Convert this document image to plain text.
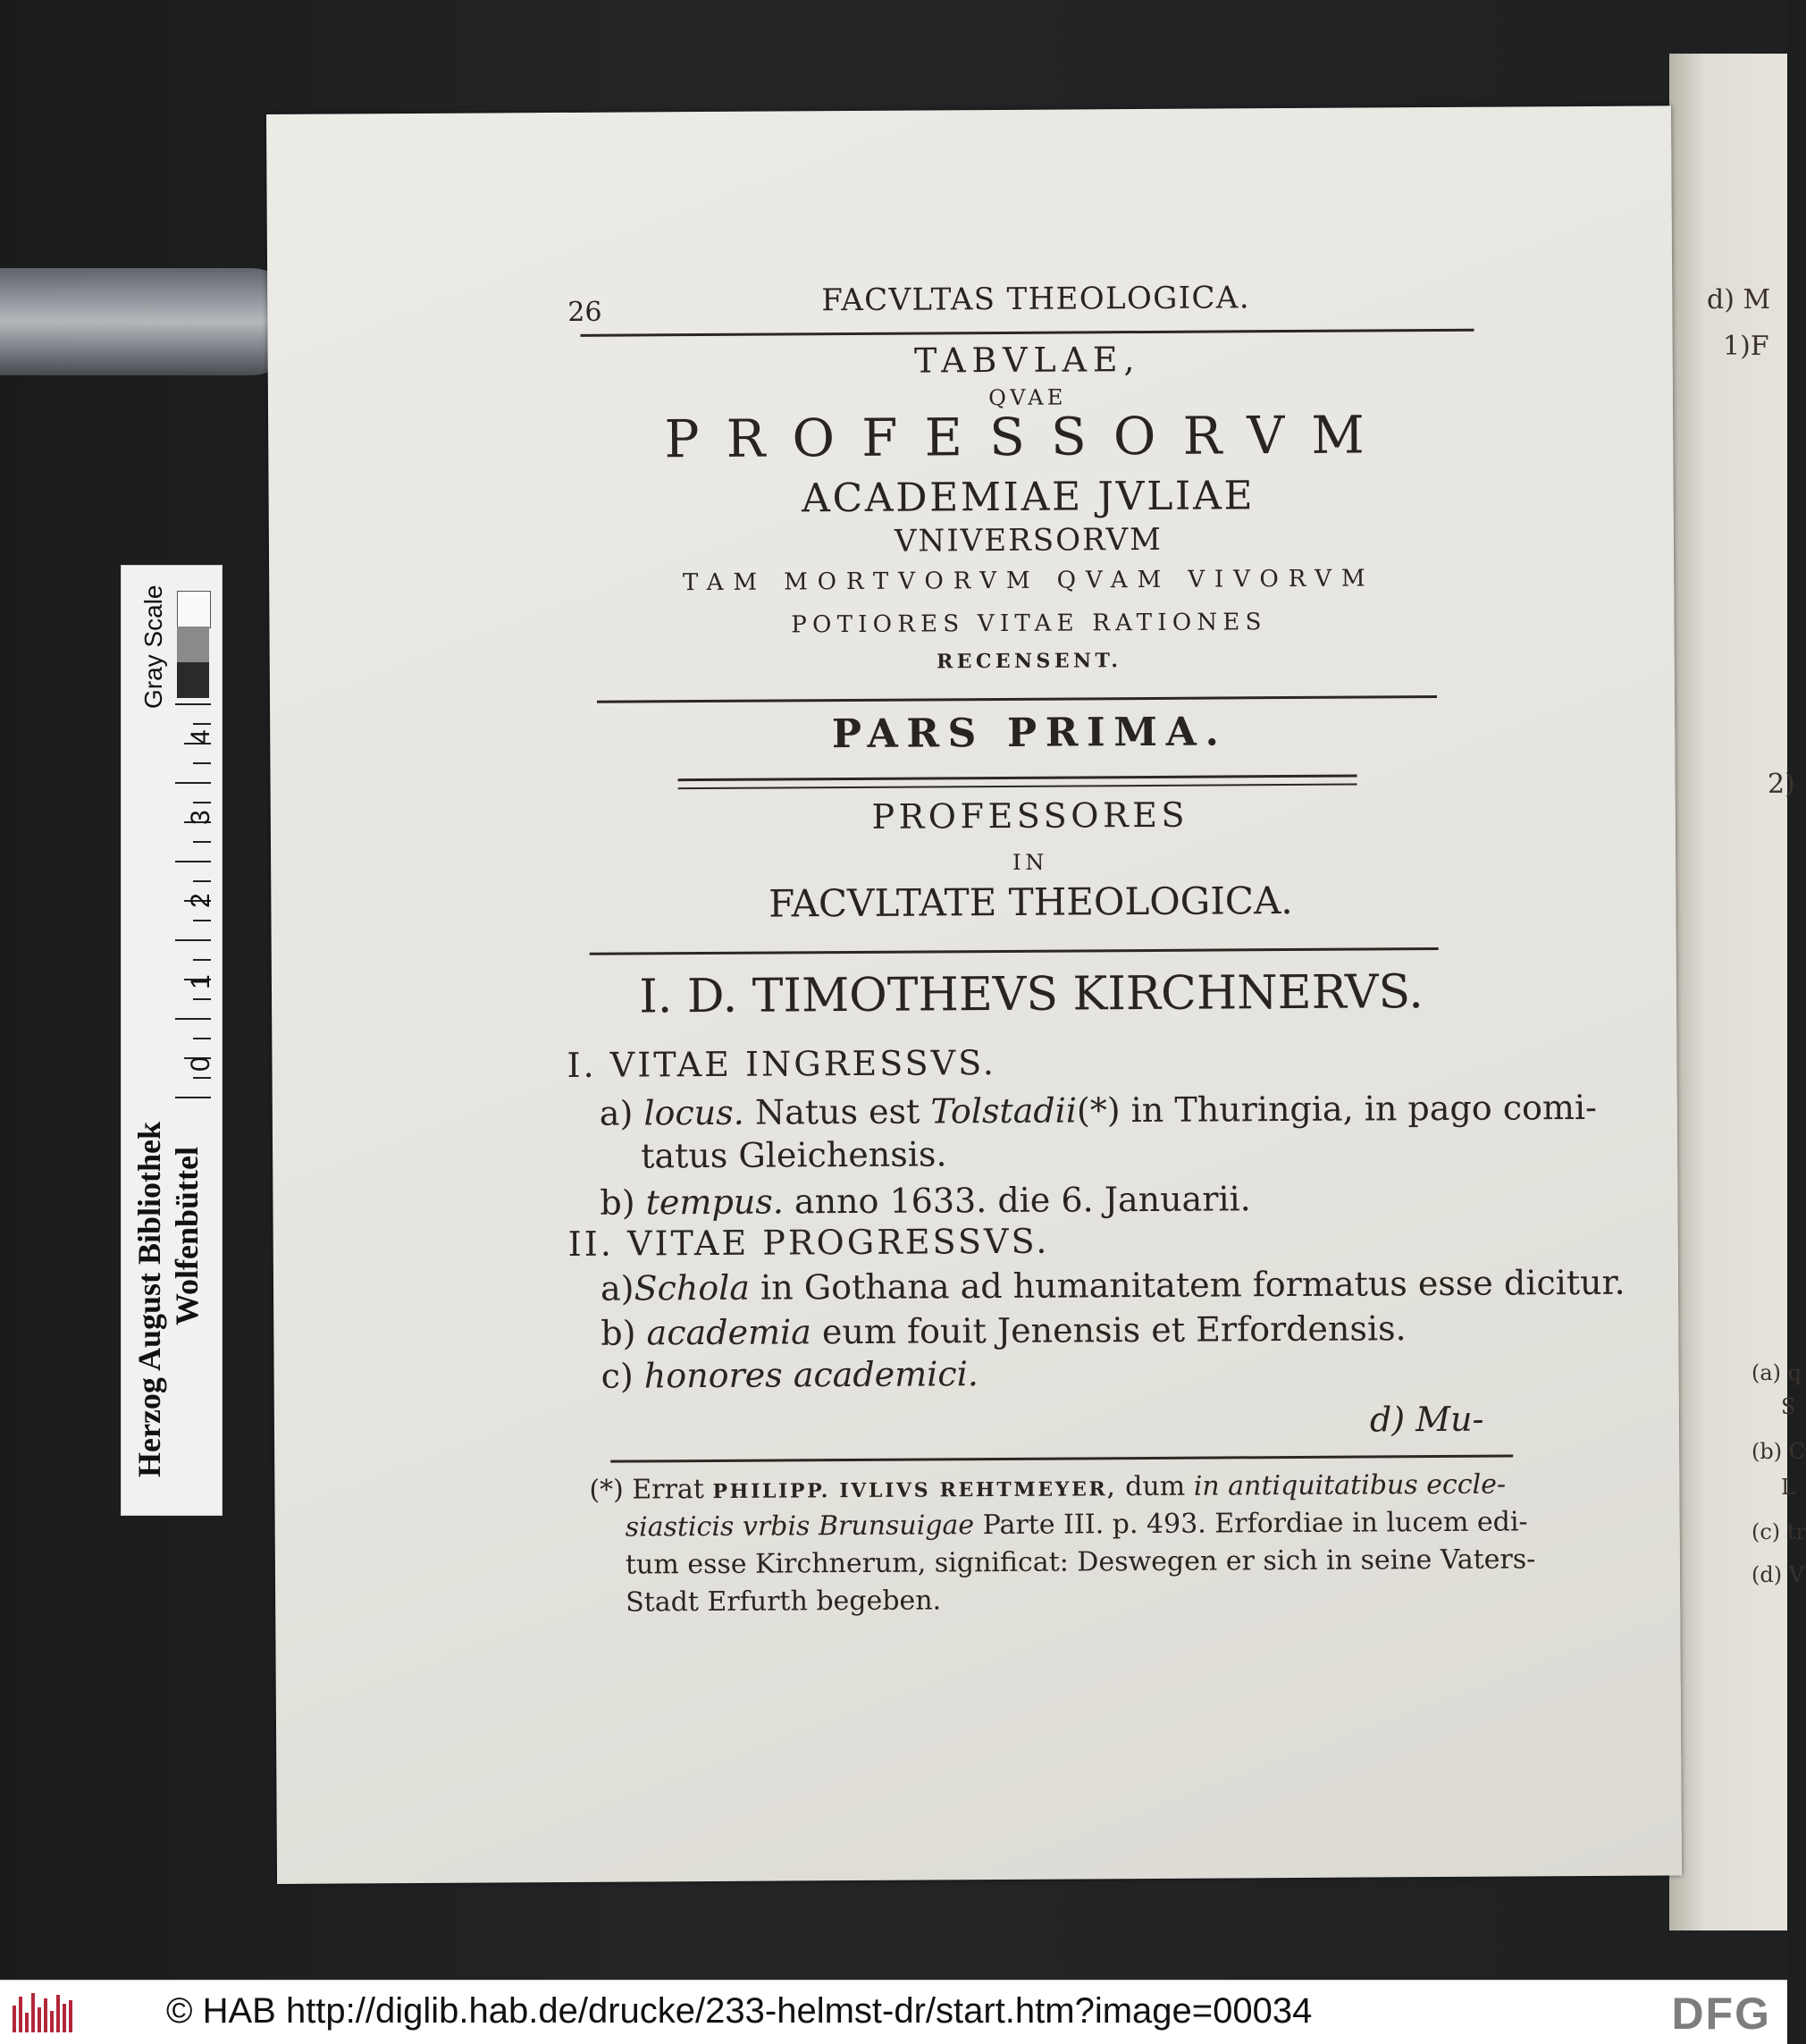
Gray Scale
4
3
2
1
0
Herzog August Bibliothek Wolfenbüttel
d) M
1)F
2)
(a) q
S
(b) C
L
(c) tr
(d) V
26	FACVLTAS THEOLOGICA.
TABVLAE,
QVAE
PROFESSORVM
ACADEMIAE JVLIAE
VNIVERSORVM
TAM MORTVORVM QVAM VIVORVM
POTIORES VITAE RATIONES
RECENSENT.
PARS PRIMA.
PROFESSORES
IN
FACVLTATE THEOLOGICA.
I. D. TIMOTHEVS KIRCHNERVS.
I. VITAE INGRESSVS.
a) locus. Natus est Tolstadii(*) in Thuringia, in pago comi-
tatus Gleichensis.
b) tempus. anno 1633. die 6. Januarii.
II. VITAE PROGRESSVS.
a)Schola in Gothana ad humanitatem formatus esse dicitur.
b) academia eum fouit Jenensis et Erfordensis.
c) honores academici.
d) Mu-
(*) Errat PHILIPP. IVLIVS REHTMEYER, dum in antiquitatibus eccle-
siasticis vrbis Brunsuigae Parte III. p. 493. Erfordiae in lucem edi-
tum esse Kirchnerum, significat: Deswegen er sich in seine Vaters-
Stadt Erfurth begeben.
© HAB http://diglib.hab.de/drucke/233-helmst-dr/start.htm?image=00034	DFG
